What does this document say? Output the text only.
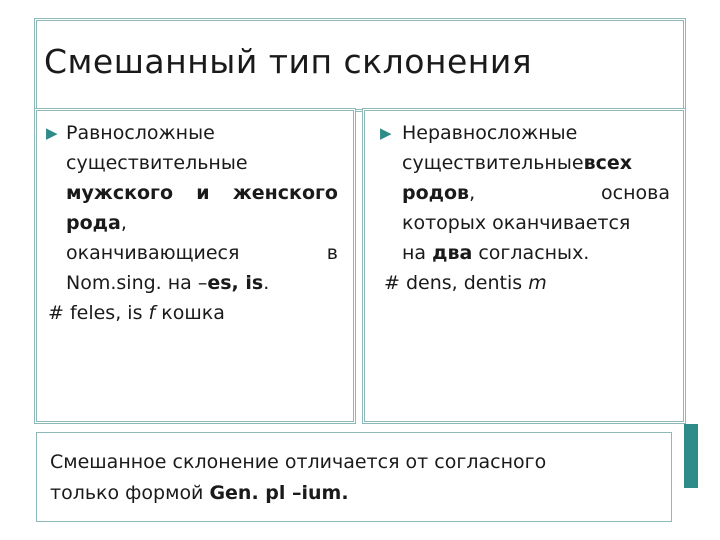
Смешанный тип склонения
▶ Равносложные
существительные
мужского и женского
рода,
оканчивающиеся	в
Nom.sing. на –es, is.
# feles, is f кошка
▶ Неравносложные
существительныевсех
родов,	основа
которых оканчивается
на два согласных.
# dens, dentis m
Смешанное склонение отличается от согласного
только формой Gen. pl –ium.
